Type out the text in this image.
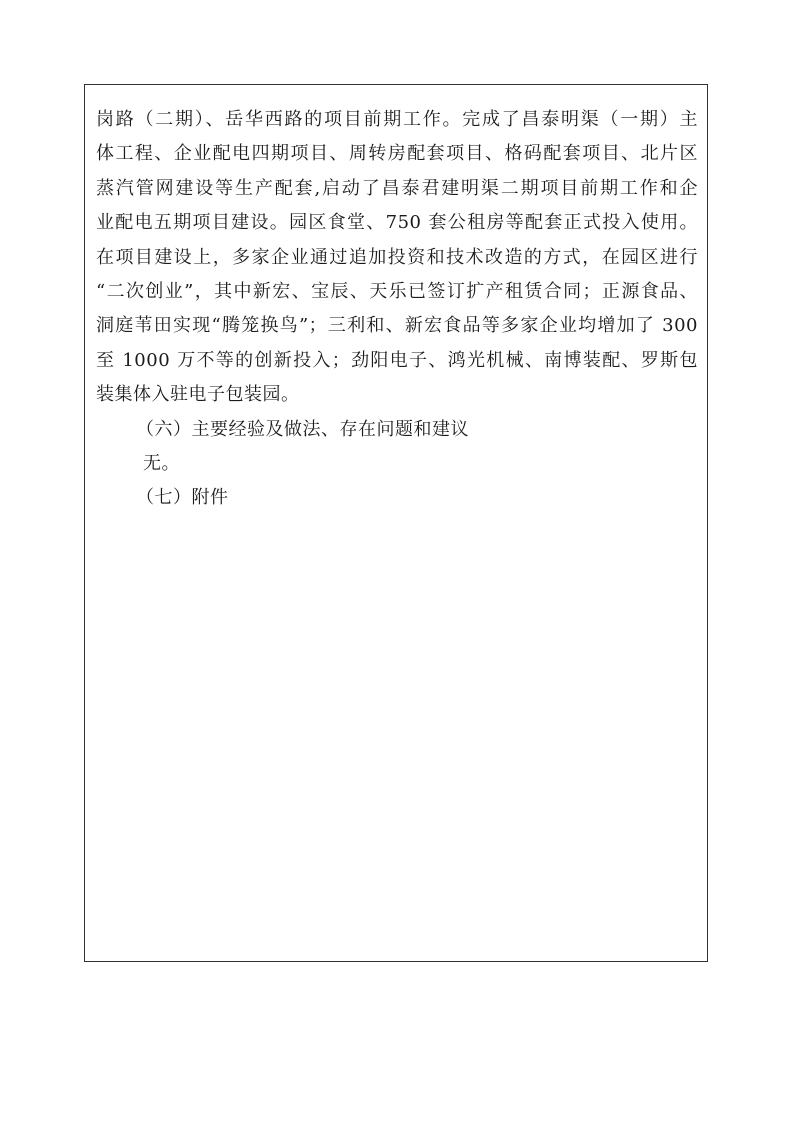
岗路（二期）、岳华西路的项目前期工作。完成了昌泰明渠（一期）主
体工程、企业配电四期项目、周转房配套项目、格码配套项目、北片区
蒸汽管网建设等生产配套,启动了昌泰君建明渠二期项目前期工作和企
业配电五期项目建设。园区食堂、750 套公租房等配套正式投入使用。
在项目建设上，多家企业通过追加投资和技术改造的方式，在园区进行
“二次创业”，其中新宏、宝辰、天乐已签订扩产租赁合同；正源食品、
洞庭苇田实现“腾笼换鸟”；三利和、新宏食品等多家企业均增加了 300
至 1000 万不等的创新投入；劲阳电子、鸿光机械、南博装配、罗斯包
装集体入驻电子包装园。

（六）主要经验及做法、存在问题和建议

无。

（七）附件
